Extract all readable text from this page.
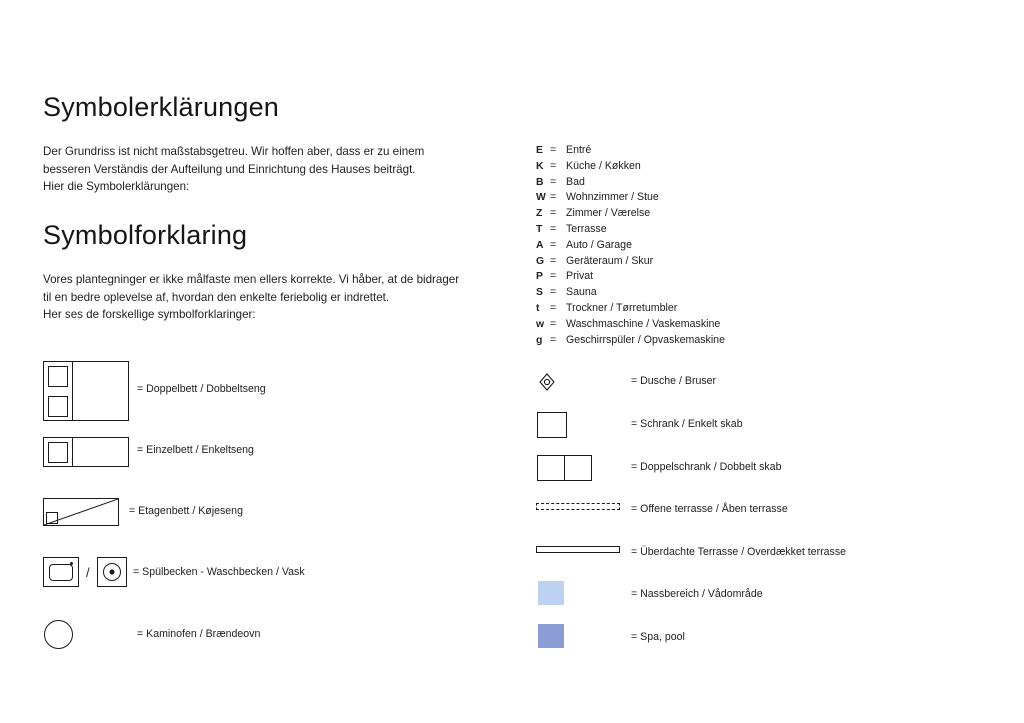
Symbolerklärungen
Der Grundriss ist nicht maßstabsgetreu. Wir hoffen aber, dass er zu einem
besseren Verständis der Aufteilung und Einrichtung des Hauses beiträgt.
Hier die Symbolerklärungen:
Symbolforklaring
Vores plantegninger er ikke målfaste men ellers korrekte. Vi håber, at de bidrager
til en bedre oplevelse af, hvordan den enkelte feriebolig er indrettet.
Her ses de forskellige symbolforklaringer:
E = Entré
K = Küche / Køkken
B = Bad
W = Wohnzimmer / Stue
Z = Zimmer / Værelse
T = Terrasse
A = Auto / Garage
G = Geräteraum / Skur
P = Privat
S = Sauna
t = Trockner / Tørretumbler
w = Waschmaschine / Vaskemaskine
g = Geschirrspüler / Opvaskemaskine
= Doppelbett / Dobbeltseng
= Einzelbett / Enkeltseng
= Etagenbett / Køjeseng
/	= Spülbecken - Waschbecken / Vask
= Kaminofen / Brændeovn
= Dusche / Bruser
= Schrank / Enkelt skab
= Doppelschrank / Dobbelt skab
= Offene terrasse / Åben terrasse
= Überdachte Terrasse / Overdækket terrasse
= Nassbereich / Vådområde
= Spa, pool
